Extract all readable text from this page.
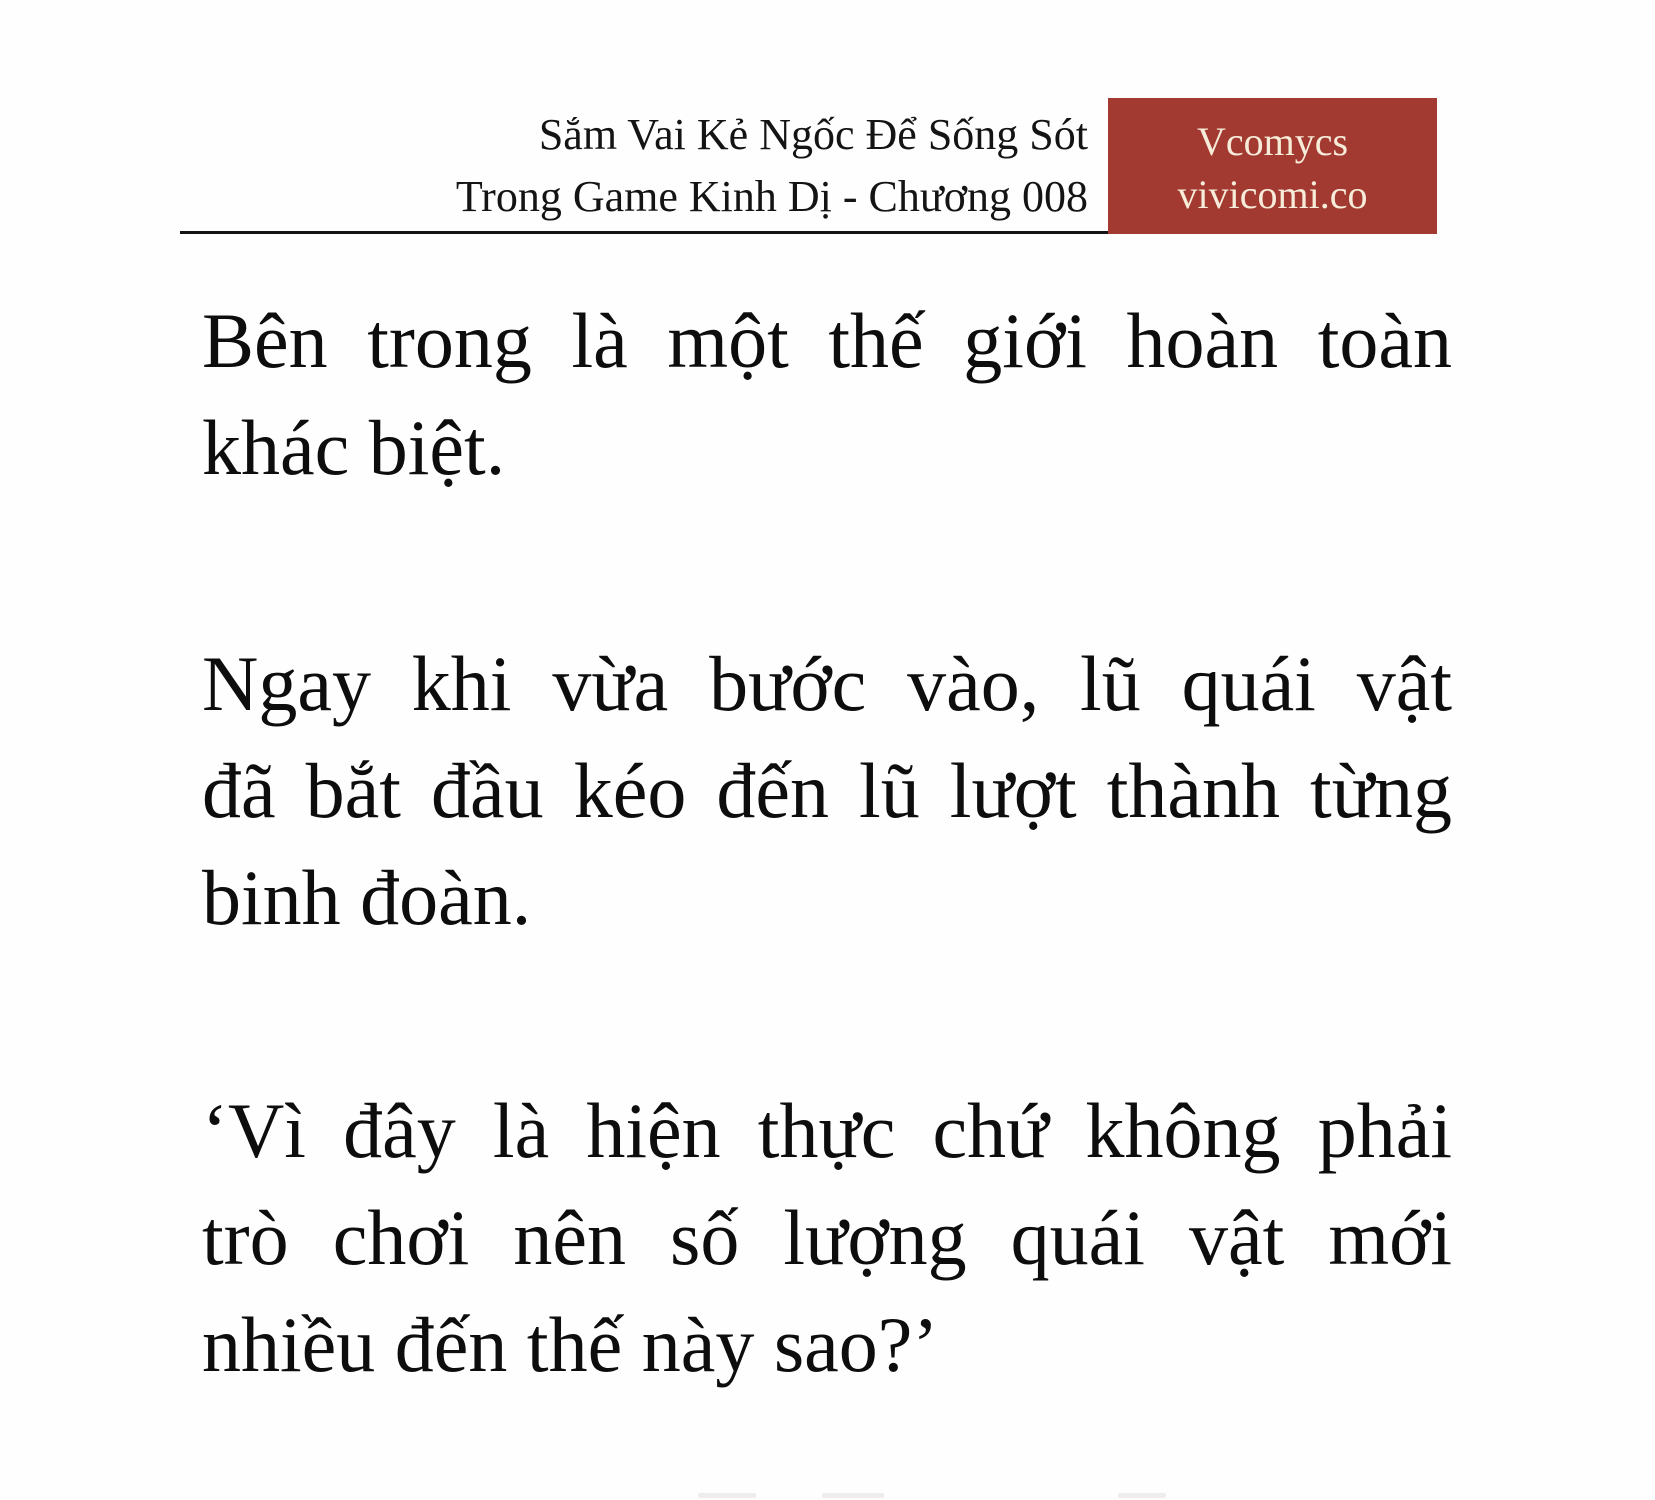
Sắm Vai Kẻ Ngốc Để Sống Sót
Trong Game Kinh Dị - Chương 008
Vcomycs
vivicomi.co
Bên trong là một thế giới hoàn toàn
khác biệt.
Ngay khi vừa bước vào, lũ quái vật
đã bắt đầu kéo đến lũ lượt thành từng
binh đoàn.
‘Vì đây là hiện thực chứ không phải
trò chơi nên số lượng quái vật mới
nhiều đến thế này sao?’
